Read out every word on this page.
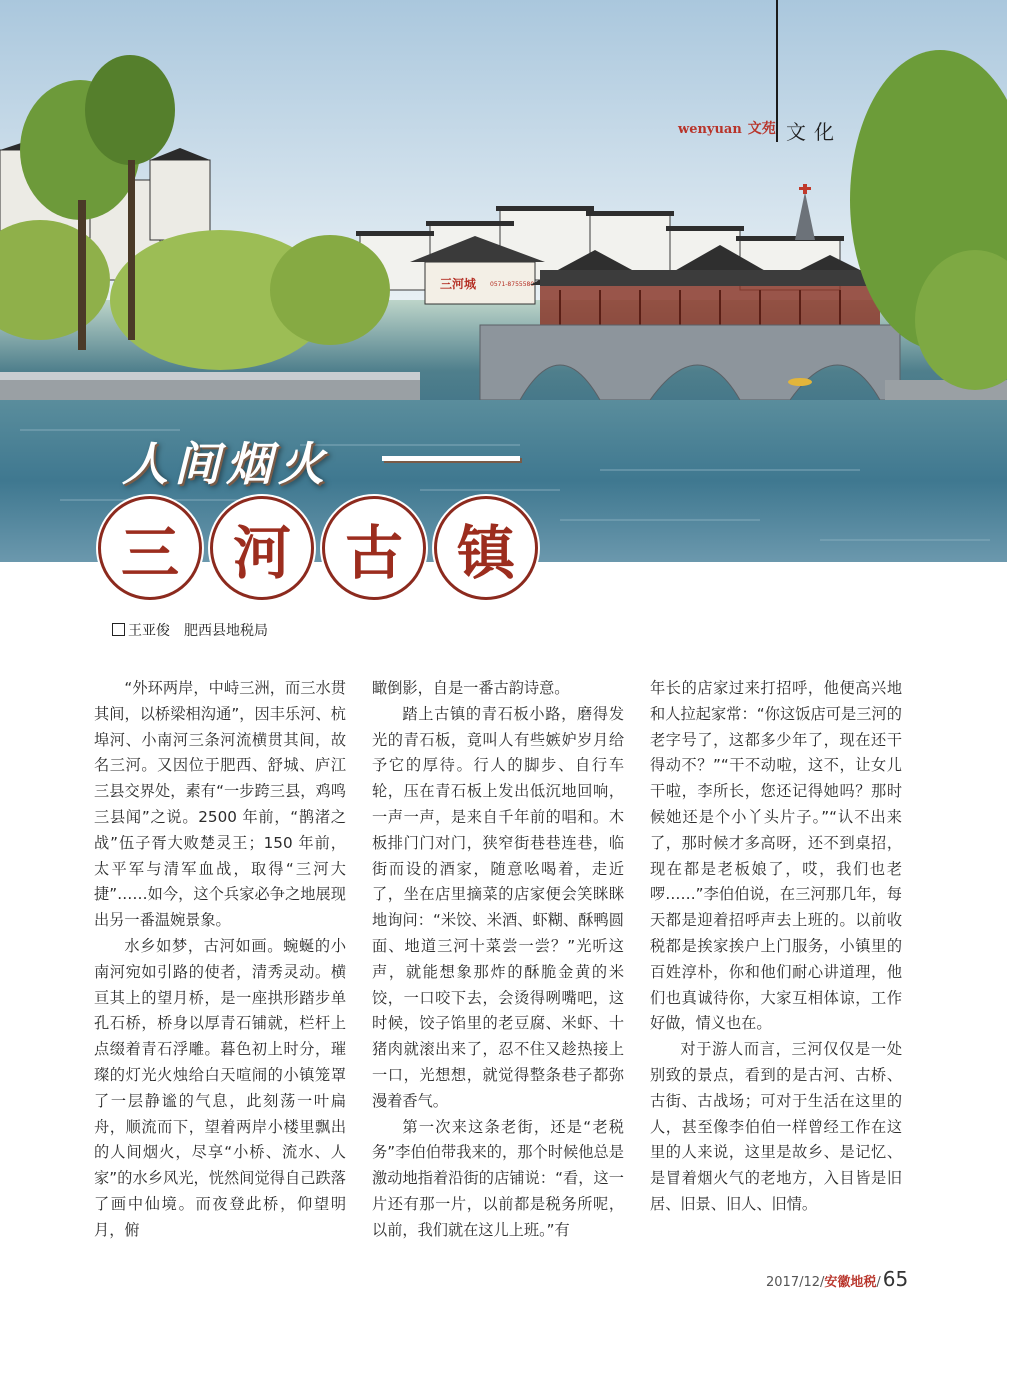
三河城 0571-8755580
wenyuan 文苑 文化
人间烟火
三 河 古 镇
王亚俊 肥西县地税局

“外环两岸，中峙三洲，而三水贯其间，以桥梁相沟通”，因丰乐河、杭埠河、小南河三条河流横贯其间，故名三河。又因位于肥西、舒城、庐江三县交界处，素有“一步跨三县，鸡鸣三县闻”之说。2500 年前，“鹊渚之战”伍子胥大败楚灵王；150 年前，太平军与清军血战，取得“三河大捷”……如今，这个兵家必争之地展现出另一番温婉景象。

水乡如梦，古河如画。蜿蜒的小南河宛如引路的使者，清秀灵动。横亘其上的望月桥，是一座拱形踏步单孔石桥，桥身以厚青石铺就，栏杆上点缀着青石浮雕。暮色初上时分，璀璨的灯光火烛给白天喧闹的小镇笼罩了一层静谧的气息，此刻荡一叶扁舟，顺流而下，望着两岸小楼里飘出的人间烟火，尽享“小桥、流水、人家”的水乡风光，恍然间觉得自己跌落了画中仙境。而夜登此桥，仰望明月，俯

瞰倒影，自是一番古韵诗意。

踏上古镇的青石板小路，磨得发光的青石板，竟叫人有些嫉妒岁月给予它的厚待。行人的脚步、自行车轮，压在青石板上发出低沉地回响，一声一声，是来自千年前的唱和。木板排门门对门，狭窄街巷巷连巷，临街而设的酒家，随意吆喝着，走近了，坐在店里摘菜的店家便会笑眯眯地询问：“米饺、米酒、虾糊、酥鸭圆面、地道三河十菜尝一尝？”光听这声，就能想象那炸的酥脆金黄的米饺，一口咬下去，会烫得咧嘴吧，这时候，饺子馅里的老豆腐、米虾、十猪肉就滚出来了，忍不住又趁热接上一口，光想想，就觉得整条巷子都弥漫着香气。

第一次来这条老街，还是“老税务”李伯伯带我来的，那个时候他总是激动地指着沿街的店铺说：“看，这一片还有那一片，以前都是税务所呢，以前，我们就在这儿上班。”有

年长的店家过来打招呼，他便高兴地和人拉起家常：“你这饭店可是三河的老字号了，这都多少年了，现在还干得动不？”“干不动啦，这不，让女儿干啦，李所长，您还记得她吗？那时候她还是个小丫头片子。”“认不出来了，那时候才多高呀，还不到桌招，现在都是老板娘了，哎，我们也老啰……”李伯伯说，在三河那几年，每天都是迎着招呼声去上班的。以前收税都是挨家挨户上门服务，小镇里的百姓淳朴，你和他们耐心讲道理，他们也真诚待你，大家互相体谅，工作好做，情义也在。

对于游人而言，三河仅仅是一处别致的景点，看到的是古河、古桥、古街、古战场；可对于生活在这里的人，甚至像李伯伯一样曾经工作在这里的人来说，这里是故乡、是记忆、是冒着烟火气的老地方，入目皆是旧居、旧景、旧人、旧情。

2017/12/ 安徽地税 / 65
